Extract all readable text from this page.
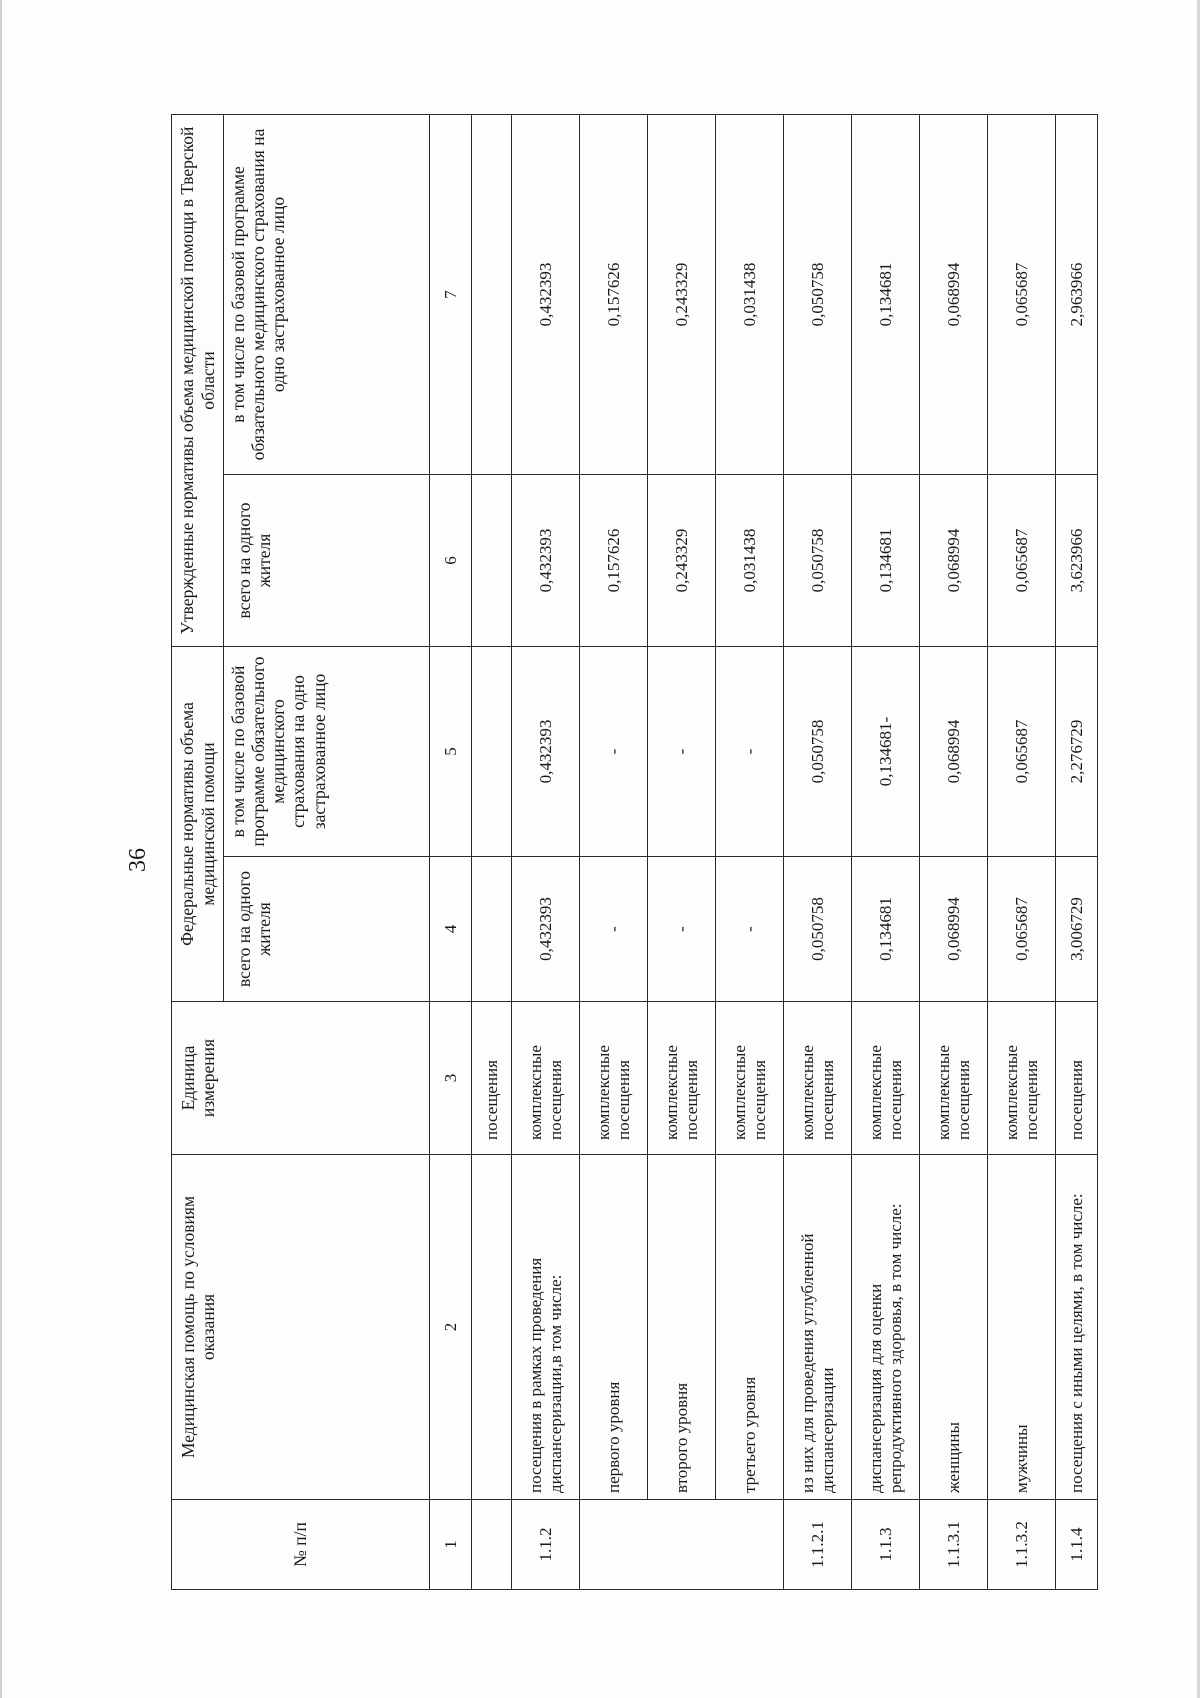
36
№ п/п	Медицинская помощь по условиям оказания	Единица измерения	Федеральные нормативы объема медицинской помощи		Утвержденные нормативы объема медицинской помощи в Тверской области	
			всего на одного жителя	в том числе по базовой программе обязательного медицинского страхования на одно застрахованное лицо	всего на одного жителя	в том числе по базовой программе обязательного медицинского страхования на одно застрахованное лицо
1	2	3	4	5	6	7
		посещения				
1.1.2	посещения в рамках проведения диспансеризации,в том числе:	комплексные посещения	0,432393	0,432393	0,432393	0,432393
	первого уровня	комплексные посещения	-	-	0,157626	0,157626
	второго уровня	комплексные посещения	-	-	0,243329	0,243329
	третьего уровня	комплексные посещения	-	-	0,031438	0,031438
1.1.2.1	из них для проведения углубленной диспансеризации	комплексные посещения	0,050758	0,050758	0,050758	0,050758
1.1.3	диспансеризация для оценки репродуктивного здоровья, в том числе:	комплексные посещения	0,134681	0,134681-	0,134681	0,134681
1.1.3.1	женщины	комплексные посещения	0,068994	0,068994	0,068994	0,068994
1.1.3.2	мужчины	комплексные посещения	0,065687	0,065687	0,065687	0,065687
1.1.4	посещения с иными целями, в том числе:	посещения	3,006729	2,276729	3,623966	2,963966
